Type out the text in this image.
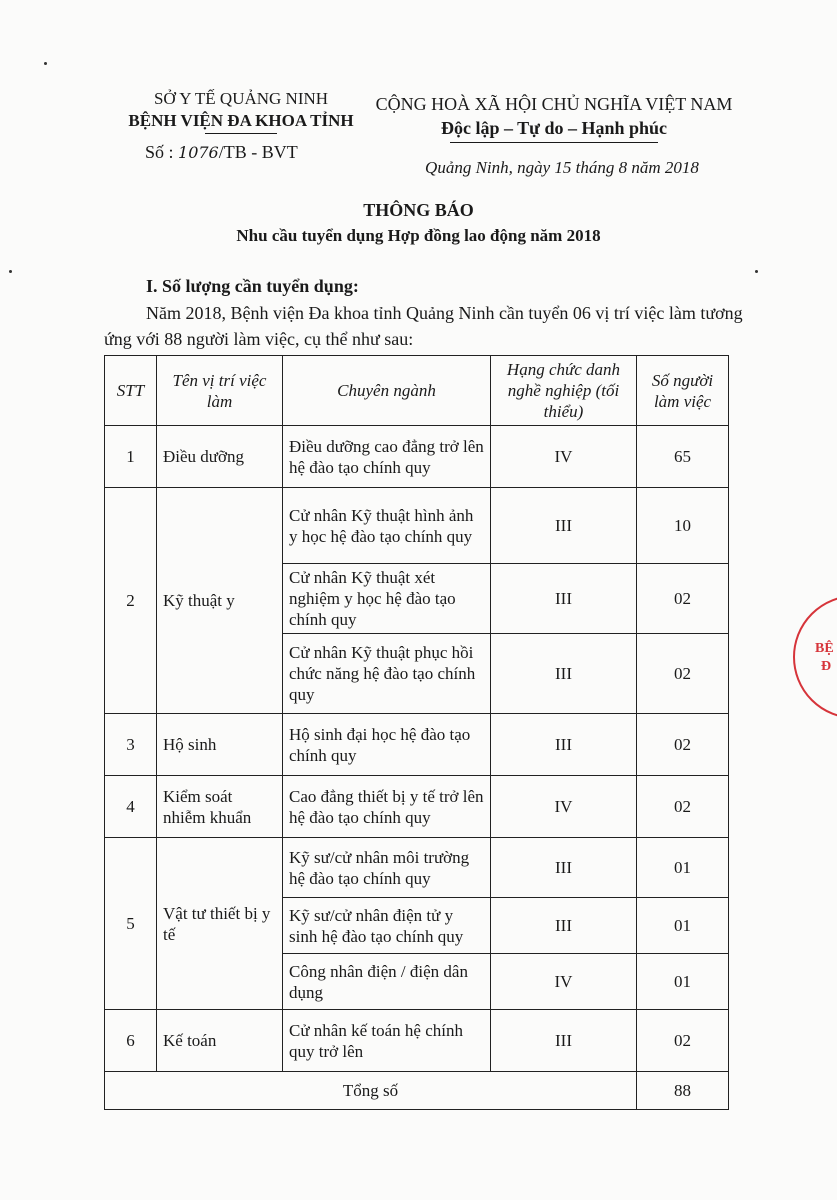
SỞ Y TẾ QUẢNG NINH
BỆNH VIỆN ĐA KHOA TỈNH
Số : 1076/TB - BVT
CỘNG HOÀ XÃ HỘI CHỦ NGHĨA VIỆT NAM
Độc lập – Tự do – Hạnh phúc
Quảng Ninh, ngày 15 tháng 8 năm 2018
THÔNG BÁO
Nhu cầu tuyển dụng Hợp đồng lao động năm 2018
I. Số lượng cần tuyển dụng:
Năm 2018, Bệnh viện Đa khoa tỉnh Quảng Ninh cần tuyển 06 vị trí việc làm tương ứng với 88 người làm việc, cụ thể như sau:
STT	Tên vị trí việc làm	Chuyên ngành	Hạng chức danh nghề nghiệp (tối thiểu)	Số người làm việc
1	Điều dưỡng	Điều dưỡng cao đẳng trở lên hệ đào tạo chính quy	IV	65
2	Kỹ thuật y	Cử nhân Kỹ thuật hình ảnh y học hệ đào tạo chính quy	III	10
		Cử nhân Kỹ thuật xét nghiệm y học hệ đào tạo chính quy	III	02
		Cử nhân Kỹ thuật phục hồi chức năng hệ đào tạo chính quy	III	02
3	Hộ sinh	Hộ sinh đại học hệ đào tạo chính quy	III	02
4	Kiểm soát nhiễm khuẩn	Cao đẳng thiết bị y tế trở lên hệ đào tạo chính quy	IV	02
5	Vật tư thiết bị y tế	Kỹ sư/cử nhân môi trường hệ đào tạo chính quy	III	01
		Kỹ sư/cử nhân điện tử y sinh hệ đào tạo chính quy	III	01
		Công nhân điện / điện dân dụng	IV	01
6	Kế toán	Cử nhân kế toán hệ chính quy trở lên	III	02
Tổng số				88
BỆ
Đ
